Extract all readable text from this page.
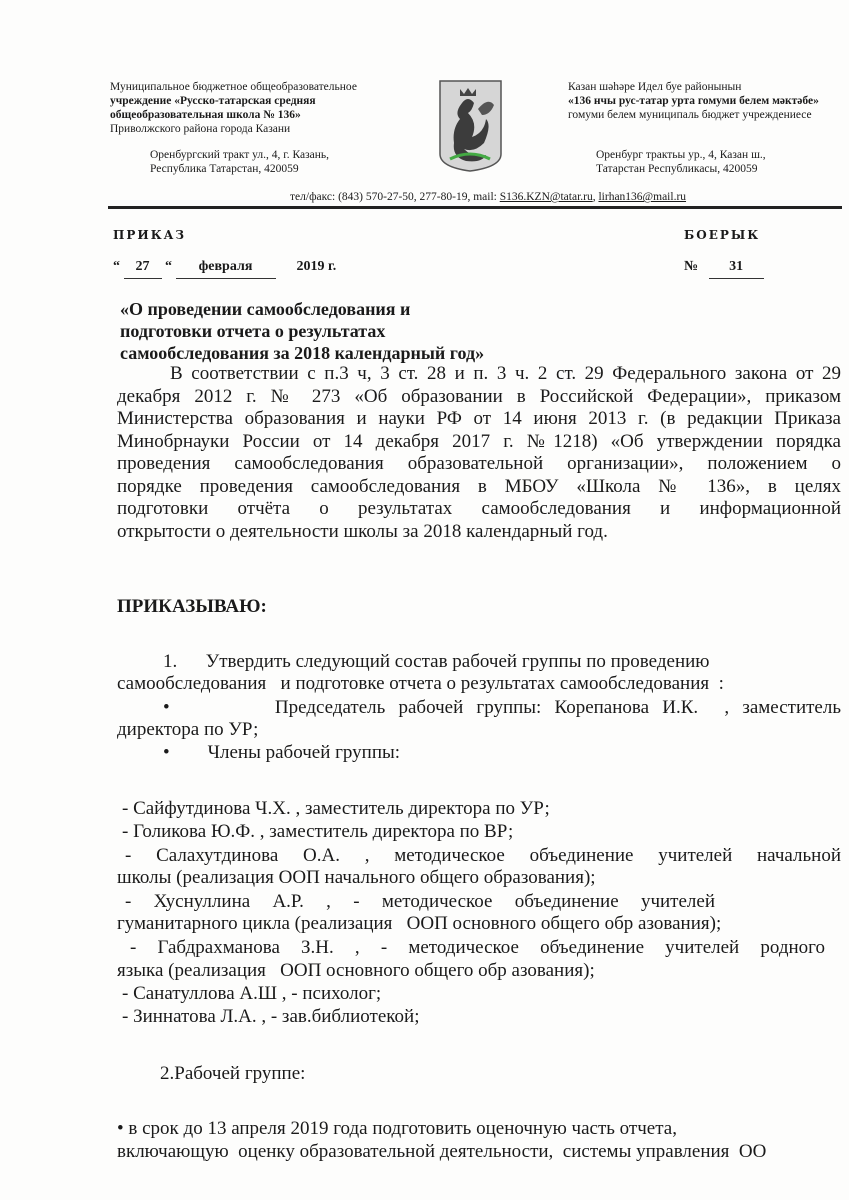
Муниципальное бюджетное общеобразовательное
учреждение «Русско-татарская средняя
общеобразовательная школа № 136»
Приволжского района города Казани
Оренбургский тракт ул., 4, г. Казань,
Республика Татарстан, 420059
Казан шәһәре Идел буе районынын
«136 нчы рус-татар урта гомуми белем мәктәбе»
гомуми белем муниципаль бюджет учреждениесе
Оренбург трактьы ур., 4, Казан ш.,
Татарстан Республикасы, 420059
тел/факс: (843) 570-27-50, 277-80-19, mail: S136.KZN@tatar.ru, lirhan136@mail.ru
ПРИКАЗ	БОЕРЫК
“ 27 “ февраля	2019 г.	№ 31
«О проведении самообследования и
подготовки отчета о результатах
самообследования за 2018 календарный год»
В соответствии с п.3 ч, 3 ст. 28 и п. 3 ч. 2 ст. 29 Федерального закона от 29
декабря 2012 г. № 273 «Об образовании в Российской Федерации», приказом
Министерства образования и науки РФ от 14 июня 2013 г. (в редакции Приказа
Минобрнауки России от 14 декабря 2017 г. №1218) «Об утверждении порядка
проведения самообследования образовательной организации», положением о
порядке проведения самообследования в МБОУ «Школа № 136», в целях
подготовки отчёта о результатах самообследования и информационной
открытости о деятельности школы за 2018 календарный год.
ПРИКАЗЫВАЮ:
1.      Утвердить следующий состав рабочей группы по проведению
самообследования   и подготовке отчета о результатах самообследования  :
•        Председатель рабочей группы: Корепанова И.К.  , заместитель
директора по УР;
•        Члены рабочей группы:
- Сайфутдинова Ч.Х. , заместитель директора по УР;
- Голикова Ю.Ф. , заместитель директора по ВР;
- Салахутдинова О.А. , методическое объединение учителей начальной
школы (реализация ООП начального общего образования);
- Хуснуллина А.Р. , - методическое объединение учителей
гуманитарного цикла (реализация   ООП основного общего обр азования);
- Габдрахманова З.Н. , - методическое объединение учителей родного
языка (реализация   ООП основного общего обр азования);
- Санатуллова А.Ш , - психолог;
- Зиннатова Л.А. , - зав.библиотекой;
2.Рабочей группе:
• в срок до 13 апреля 2019 года подготовить оценочную часть отчета,
включающую  оценку образовательной деятельности,  системы управления  ОО
